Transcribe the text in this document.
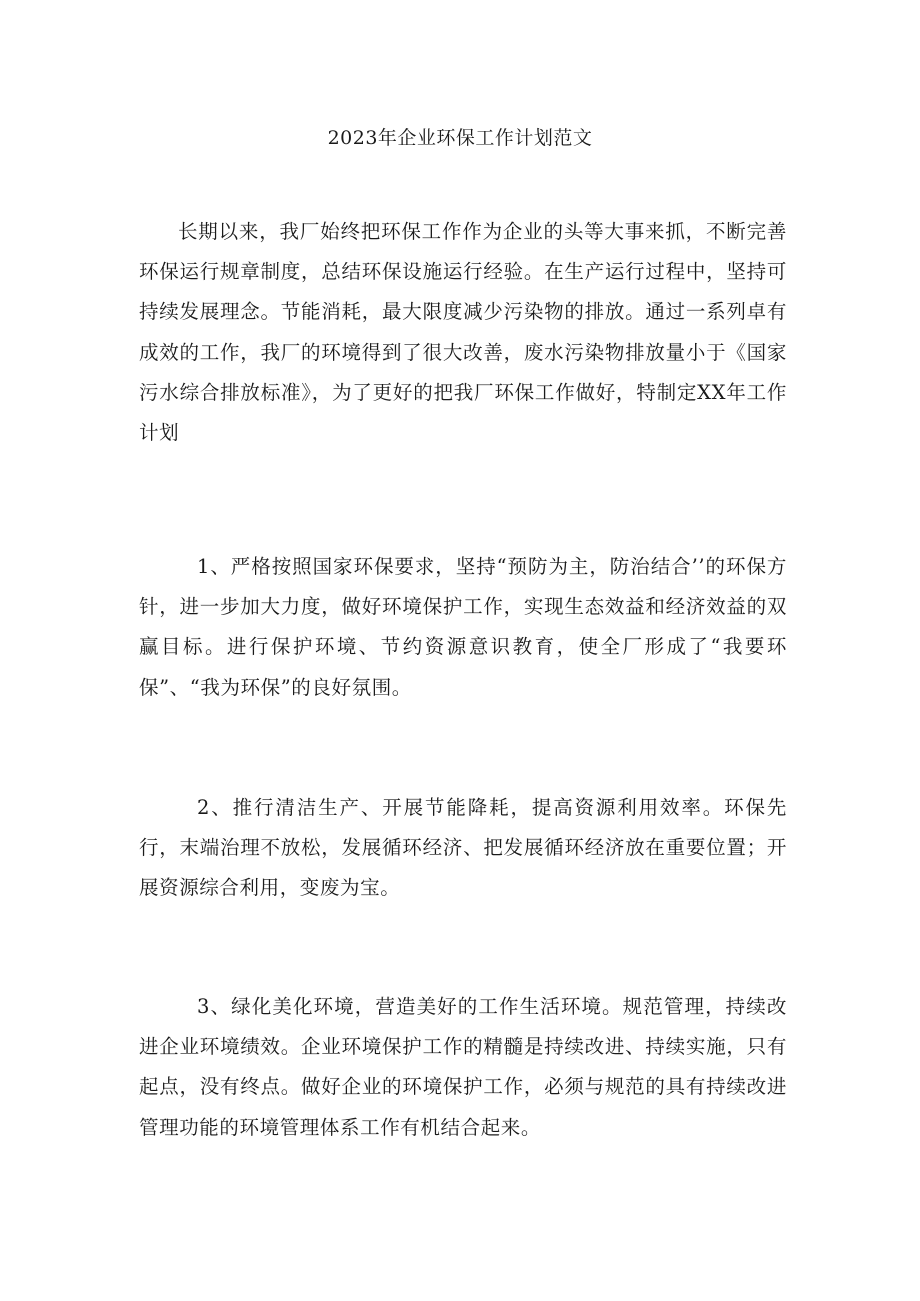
2023年企业环保工作计划范文

长期以来，我厂始终把环保工作作为企业的头等大事来抓，不断完善环保运行规章制度，总结环保设施运行经验。在生产运行过程中，坚持可持续发展理念。节能消耗，最大限度减少污染物的排放。通过一系列卓有成效的工作，我厂的环境得到了很大改善，废水污染物排放量小于《国家污水综合排放标准》，为了更好的把我厂环保工作做好，特制定XX年工作计划

1、严格按照国家环保要求，坚持“预防为主，防治结合’’的环保方针，进一步加大力度，做好环境保护工作，实现生态效益和经济效益的双赢目标。进行保护环境、节约资源意识教育，使全厂形成了“我要环保”、“我为环保”的良好氛围。

2、推行清洁生产、开展节能降耗，提高资源利用效率。环保先行，末端治理不放松，发展循环经济、把发展循环经济放在重要位置；开展资源综合利用，变废为宝。

3、绿化美化环境，营造美好的工作生活环境。规范管理，持续改进企业环境绩效。企业环境保护工作的精髓是持续改进、持续实施，只有起点，没有终点。做好企业的环境保护工作，必须与规范的具有持续改进管理功能的环境管理体系工作有机结合起来。
